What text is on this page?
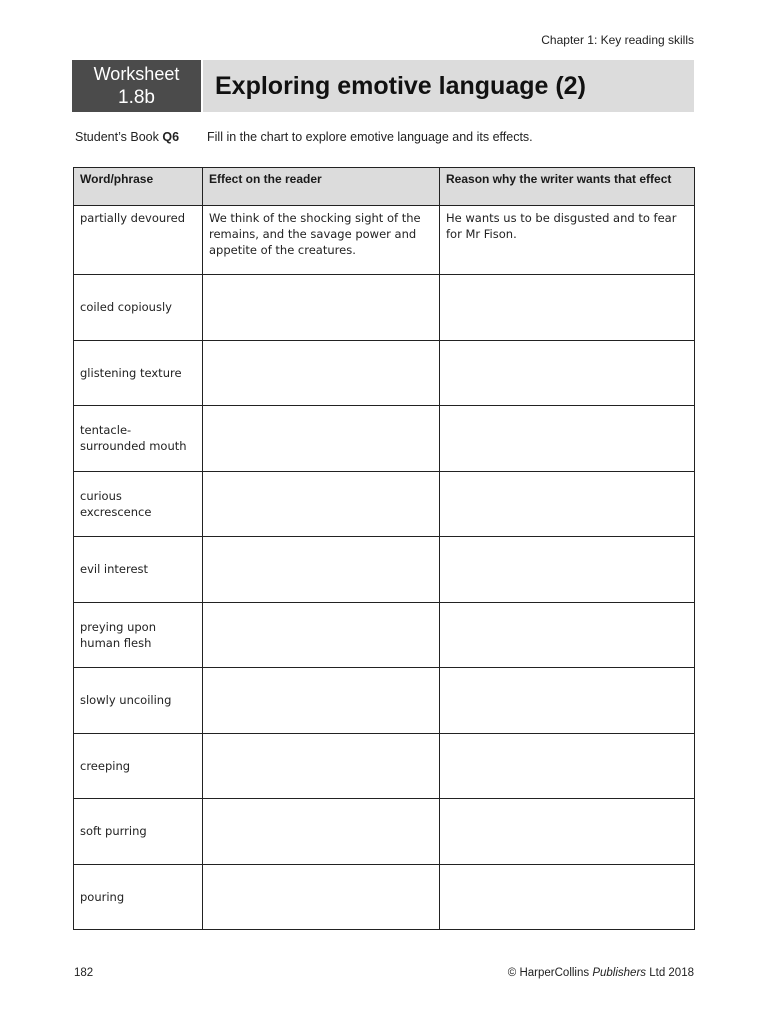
Chapter 1: Key reading skills
Worksheet
1.8b	Exploring emotive language (2)
Student’s Book Q6 Fill in the chart to explore emotive language and its effects.
Word/phrase	Effect on the reader	Reason why the writer wants that effect
partially devoured	We think of the shocking sight of the remains, and the savage power and appetite of the creatures.	He wants us to be disgusted and to fear for Mr Fison.
coiled copiously		
glistening texture		
tentacle-surrounded mouth		
curious excrescence		
evil interest		
preying upon human flesh		
slowly uncoiling		
creeping		
soft purring		
pouring		
182	© HarperCollins Publishers Ltd 2018
